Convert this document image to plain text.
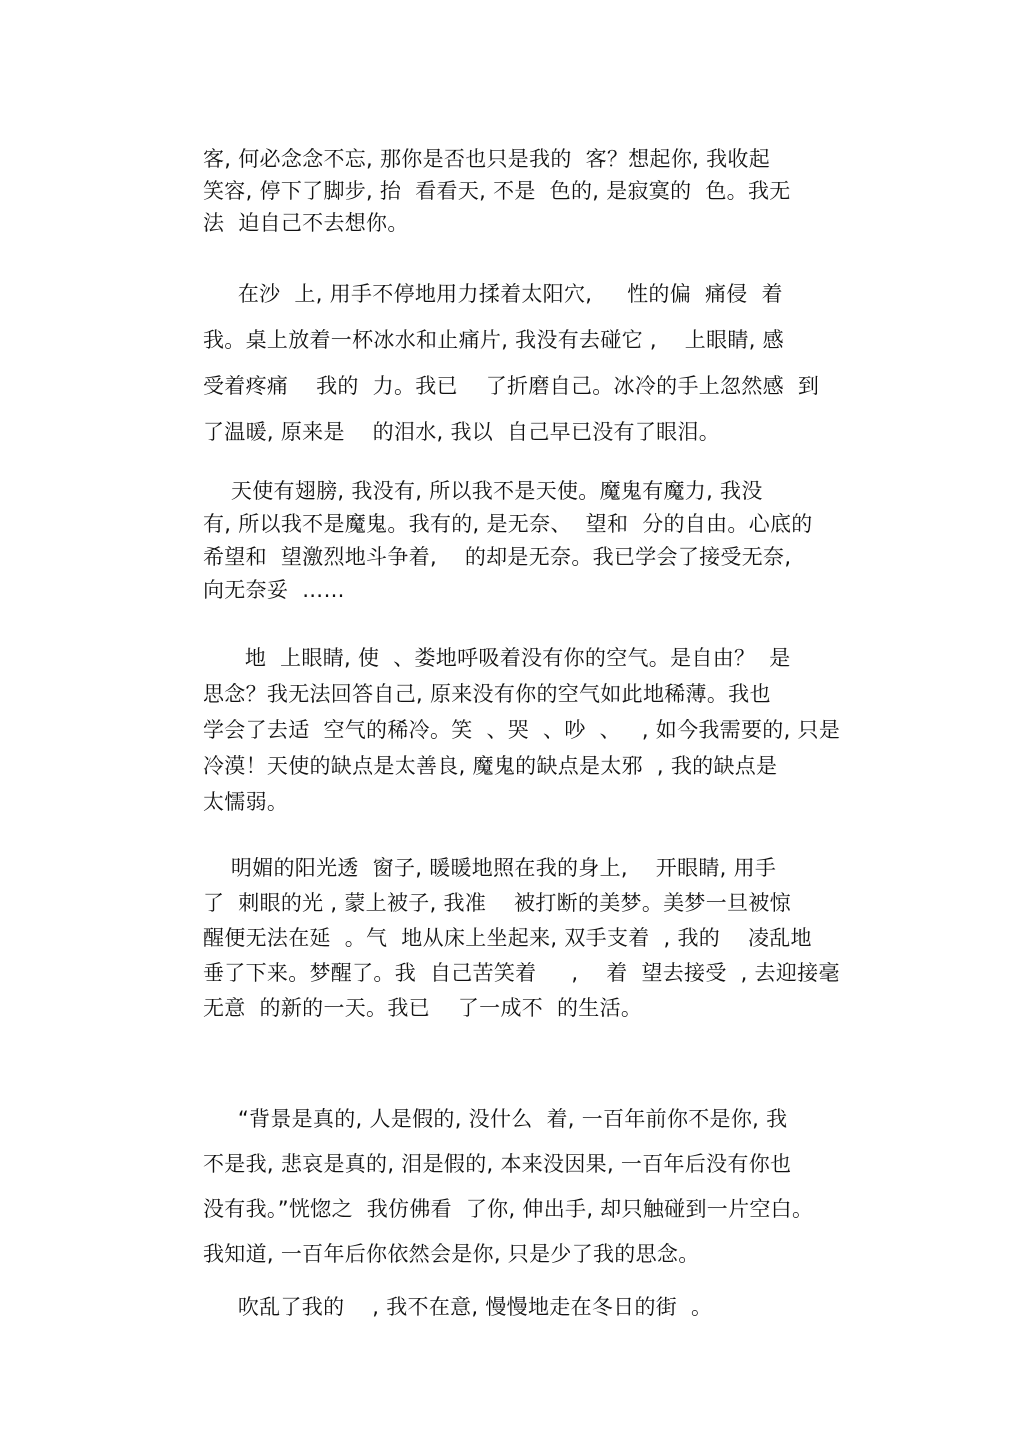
客, 何必念念不忘, 那你是否也只是我的  客？想起你, 我收起
笑容, 停下了脚步, 抬  看看天, 不是  色的, 是寂寞的  色。我无
法  迫自己不去想你。
在沙  上, 用手不停地用力揉着太阳穴,     性的偏  痛侵  着
我。桌上放着一杯冰水和止痛片, 我没有去碰它 ,    上眼睛, 感
受着疼痛    我的  力。我已    了折磨自己。冰冷的手上忽然感  到
了温暖, 原来是    的泪水, 我以  自己早已没有了眼泪。
天使有翅膀, 我没有, 所以我不是天使。魔鬼有魔力, 我没
有, 所以我不是魔鬼。我有的, 是无奈、  望和  分的自由。心底的
希望和  望激烈地斗争着,    的却是无奈。我已学会了接受无奈,
向无奈妥  ……
地  上眼睛, 使  、娄地呼吸着没有你的空气。是自由？  是
思念？我无法回答自己, 原来没有你的空气如此地稀薄。我也
学会了去适  空气的稀冷。笑  、哭  、吵  、   , 如今我需要的, 只是
冷漠！天使的缺点是太善良, 魔鬼的缺点是太邪  , 我的缺点是
太懦弱。
明媚的阳光透  窗子, 暖暖地照在我的身上,    开眼睛, 用手
了  刺眼的光 , 蒙上被子, 我准    被打断的美梦。美梦一旦被惊
醒便无法在延  。气  地从床上坐起来, 双手支着  , 我的    凌乱地
垂了下来。梦醒了。我  自己苦笑着     ,    着  望去接受  , 去迎接毫
无意  的新的一天。我已    了一成不  的生活。
“背景是真的, 人是假的, 没什么  着, 一百年前你不是你, 我
不是我, 悲哀是真的, 泪是假的, 本来没因果, 一百年后没有你也
没有我。”恍惚之  我仿佛看  了你, 伸出手, 却只触碰到一片空白。
我知道, 一百年后你依然会是你, 只是少了我的思念。
吹乱了我的    , 我不在意, 慢慢地走在冬日的街  。
